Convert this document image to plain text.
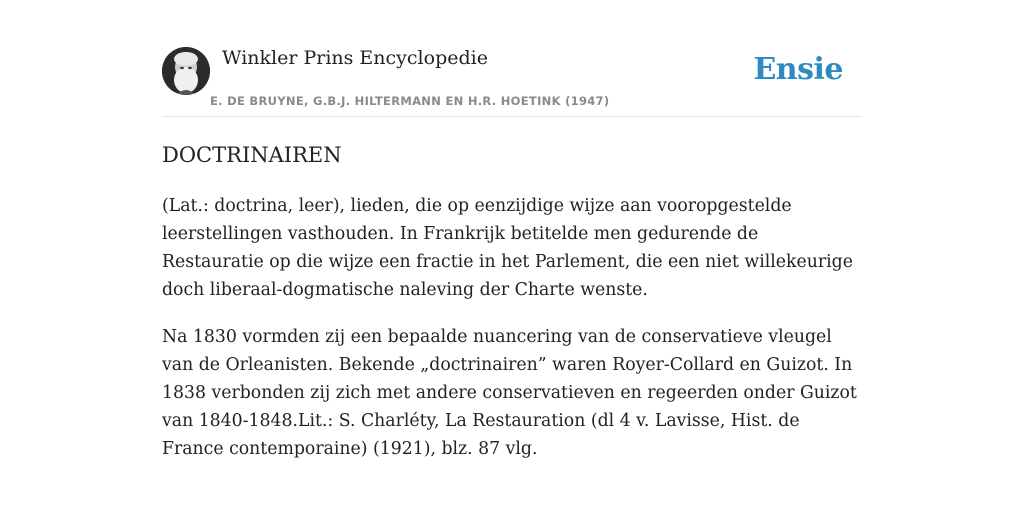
Winkler Prins Encyclopedie
E. DE BRUYNE, G.B.J. HILTERMANN EN H.R. HOETINK (1947)
Ensie
DOCTRINAIREN

(Lat.: doctrina, leer), lieden, die op eenzijdige wijze aan vooropgestelde leerstellingen vasthouden. In Frankrijk betitelde men gedurende de Restauratie op die wijze een fractie in het Parlement, die een niet willekeurige doch liberaal-dogmatische naleving der Charte wenste.

Na 1830 vormden zij een bepaalde nuancering van de conservatieve vleugel van de Orleanisten. Bekende „doctrinairen” waren Royer-Collard en Guizot. In 1838 verbonden zij zich met andere conservatieven en regeerden onder Guizot van 1840-1848.Lit.: S. Charléty, La Restauration (dl 4 v. Lavisse, Hist. de France contemporaine) (1921), blz. 87 vlg.
